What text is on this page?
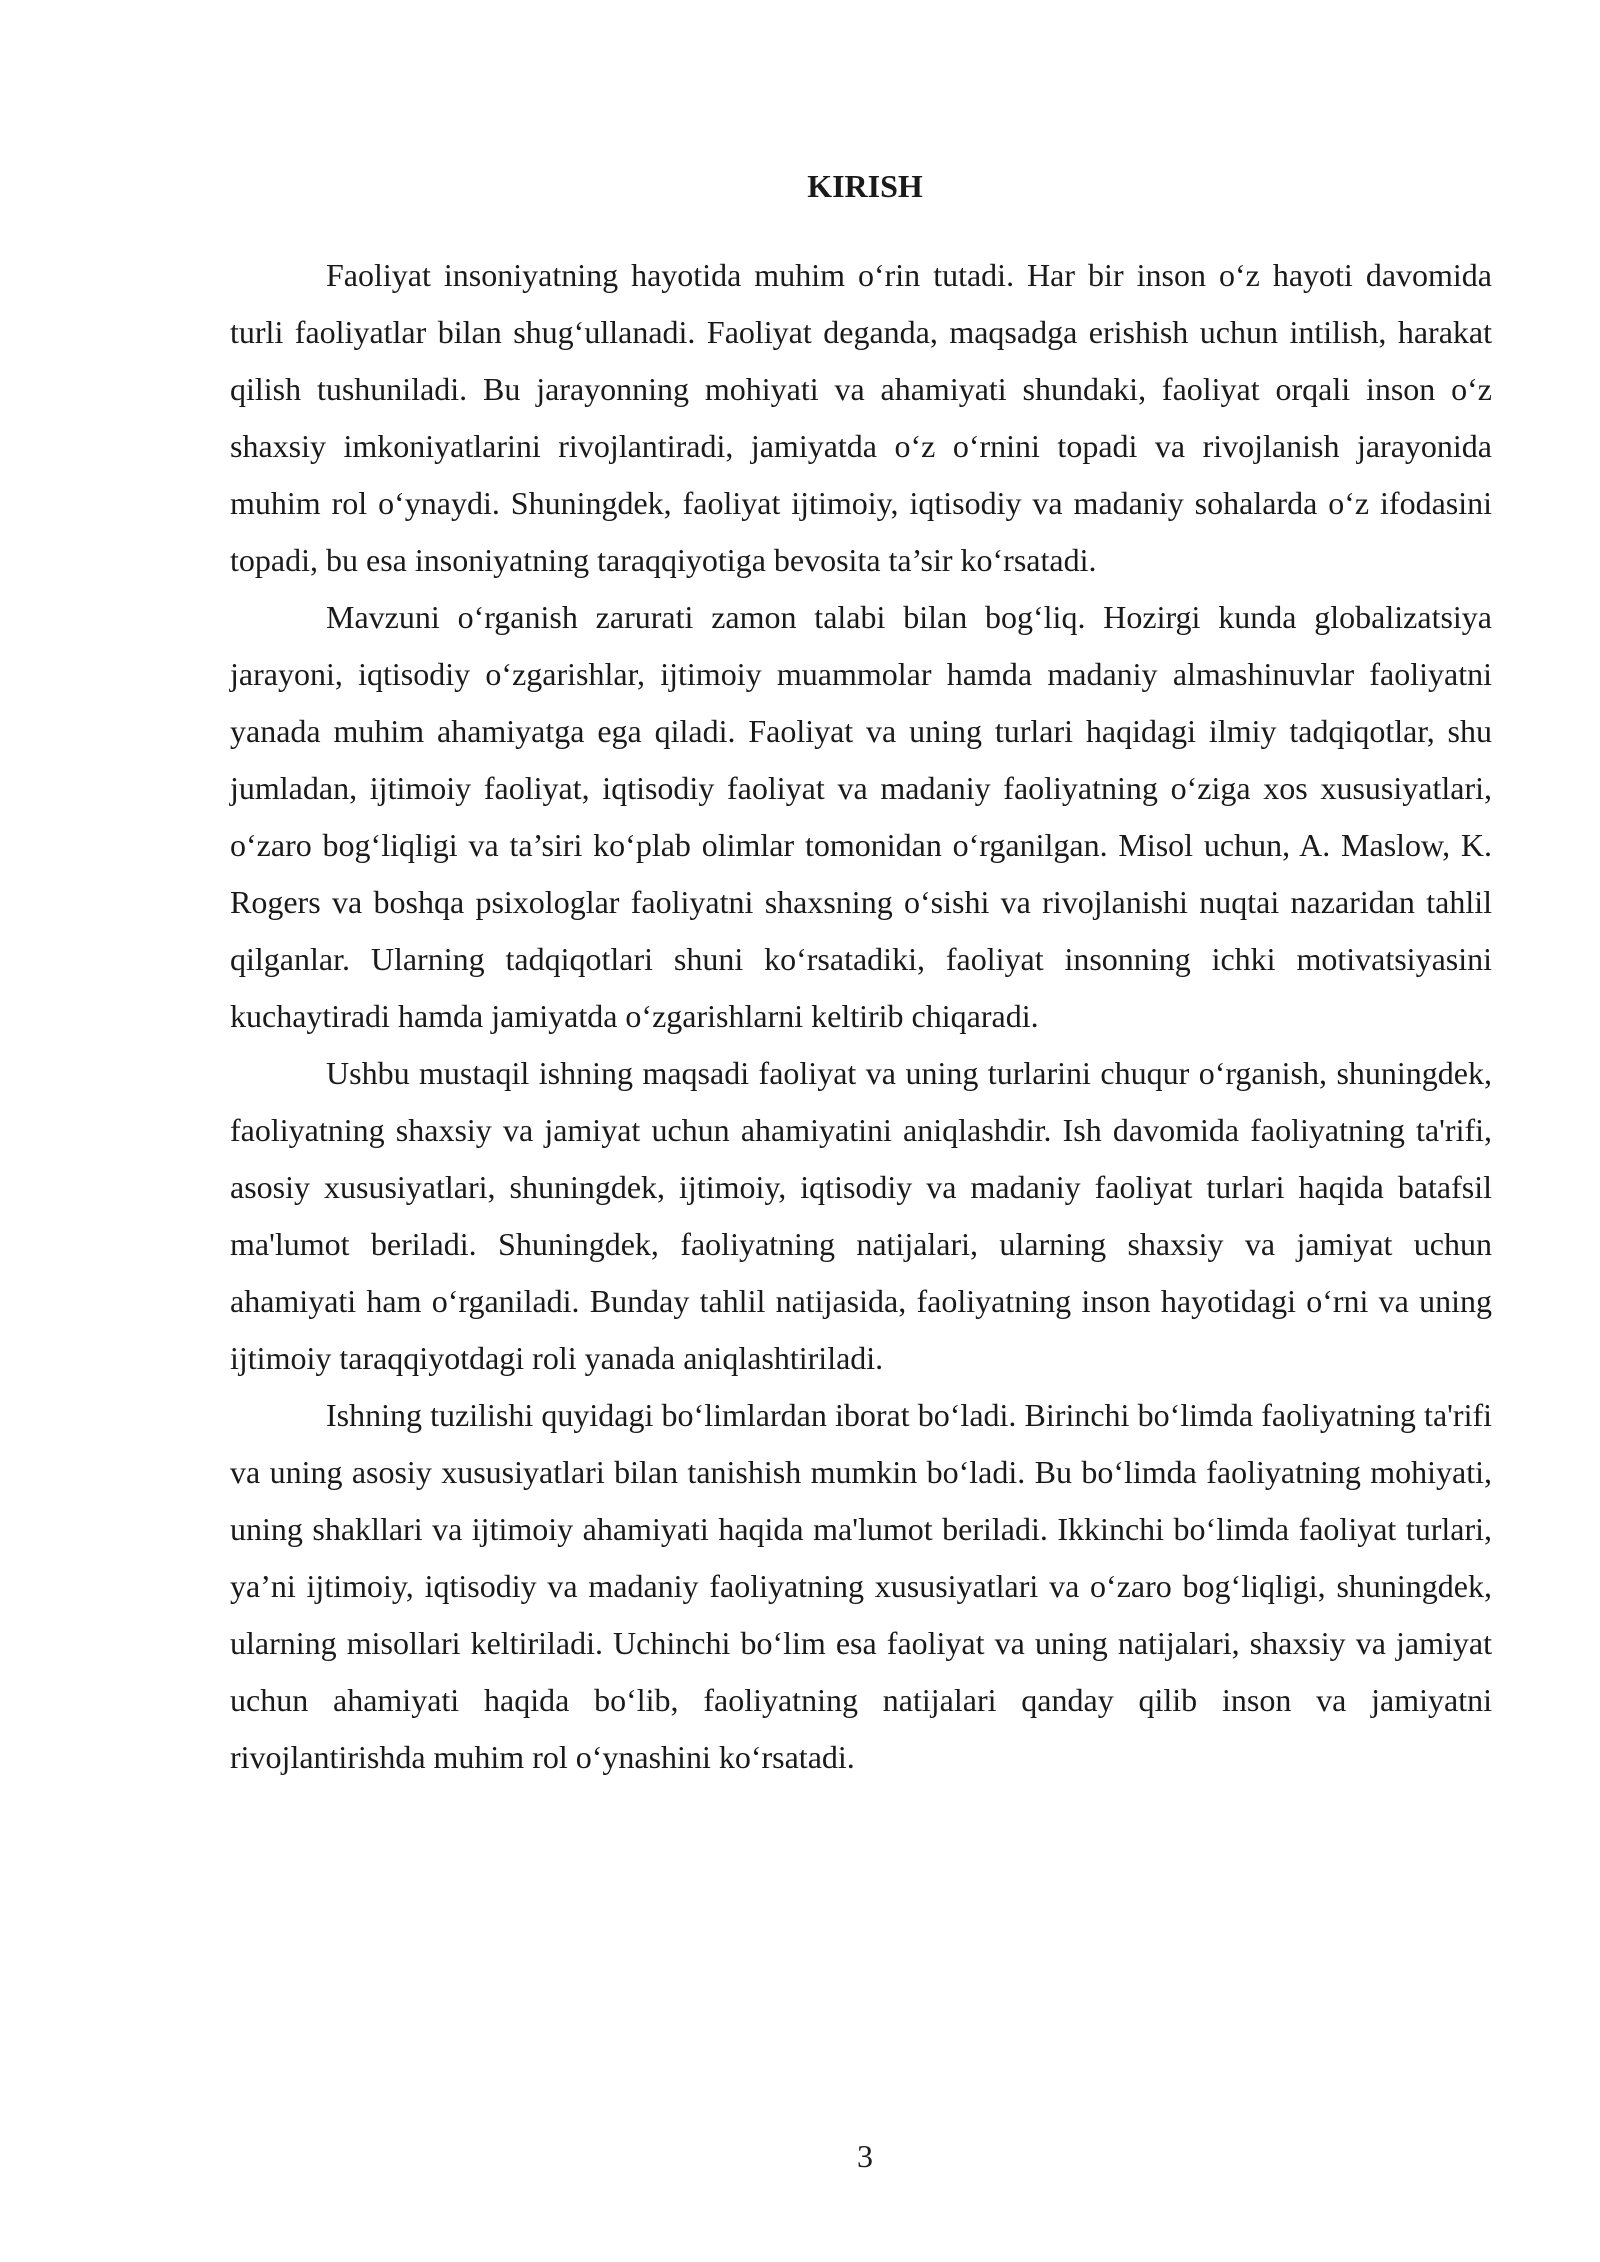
KIRISH

Faoliyat insoniyatning hayotida muhim o‘rin tutadi. Har bir inson o‘z hayoti davomida turli faoliyatlar bilan shug‘ullanadi. Faoliyat deganda, maqsadga erishish uchun intilish, harakat qilish tushuniladi. Bu jarayonning mohiyati va ahamiyati shundaki, faoliyat orqali inson o‘z shaxsiy imkoniyatlarini rivojlantiradi, jamiyatda o‘z o‘rnini topadi va rivojlanish jarayonida muhim rol o‘ynaydi. Shuningdek, faoliyat ijtimoiy, iqtisodiy va madaniy sohalarda o‘z ifodasini topadi, bu esa insoniyatning taraqqiyotiga bevosita ta’sir ko‘rsatadi.

Mavzuni o‘rganish zarurati zamon talabi bilan bog‘liq. Hozirgi kunda globalizatsiya jarayoni, iqtisodiy o‘zgarishlar, ijtimoiy muammolar hamda madaniy almashinuvlar faoliyatni yanada muhim ahamiyatga ega qiladi. Faoliyat va uning turlari haqidagi ilmiy tadqiqotlar, shu jumladan, ijtimoiy faoliyat, iqtisodiy faoliyat va madaniy faoliyatning o‘ziga xos xususiyatlari, o‘zaro bog‘liqligi va ta’siri ko‘plab olimlar tomonidan o‘rganilgan. Misol uchun, A. Maslow, K. Rogers va boshqa psixologlar faoliyatni shaxsning o‘sishi va rivojlanishi nuqtai nazaridan tahlil qilganlar. Ularning tadqiqotlari shuni ko‘rsatadiki, faoliyat insonning ichki motivatsiyasini kuchaytiradi hamda jamiyatda o‘zgarishlarni keltirib chiqaradi.

Ushbu mustaqil ishning maqsadi faoliyat va uning turlarini chuqur o‘rganish, shuningdek, faoliyatning shaxsiy va jamiyat uchun ahamiyatini aniqlashdir. Ish davomida faoliyatning ta'rifi, asosiy xususiyatlari, shuningdek, ijtimoiy, iqtisodiy va madaniy faoliyat turlari haqida batafsil ma'lumot beriladi. Shuningdek, faoliyatning natijalari, ularning shaxsiy va jamiyat uchun ahamiyati ham o‘rganiladi. Bunday tahlil natijasida, faoliyatning inson hayotidagi o‘rni va uning ijtimoiy taraqqiyotdagi roli yanada aniqlashtiriladi.

Ishning tuzilishi quyidagi bo‘limlardan iborat bo‘ladi. Birinchi bo‘limda faoliyatning ta'rifi va uning asosiy xususiyatlari bilan tanishish mumkin bo‘ladi. Bu bo‘limda faoliyatning mohiyati, uning shakllari va ijtimoiy ahamiyati haqida ma'lumot beriladi. Ikkinchi bo‘limda faoliyat turlari, ya’ni ijtimoiy, iqtisodiy va madaniy faoliyatning xususiyatlari va o‘zaro bog‘liqligi, shuningdek, ularning misollari keltiriladi. Uchinchi bo‘lim esa faoliyat va uning natijalari, shaxsiy va jamiyat uchun ahamiyati haqida bo‘lib, faoliyatning natijalari qanday qilib inson va jamiyatni rivojlantirishda muhim rol o‘ynashini ko‘rsatadi.

3
